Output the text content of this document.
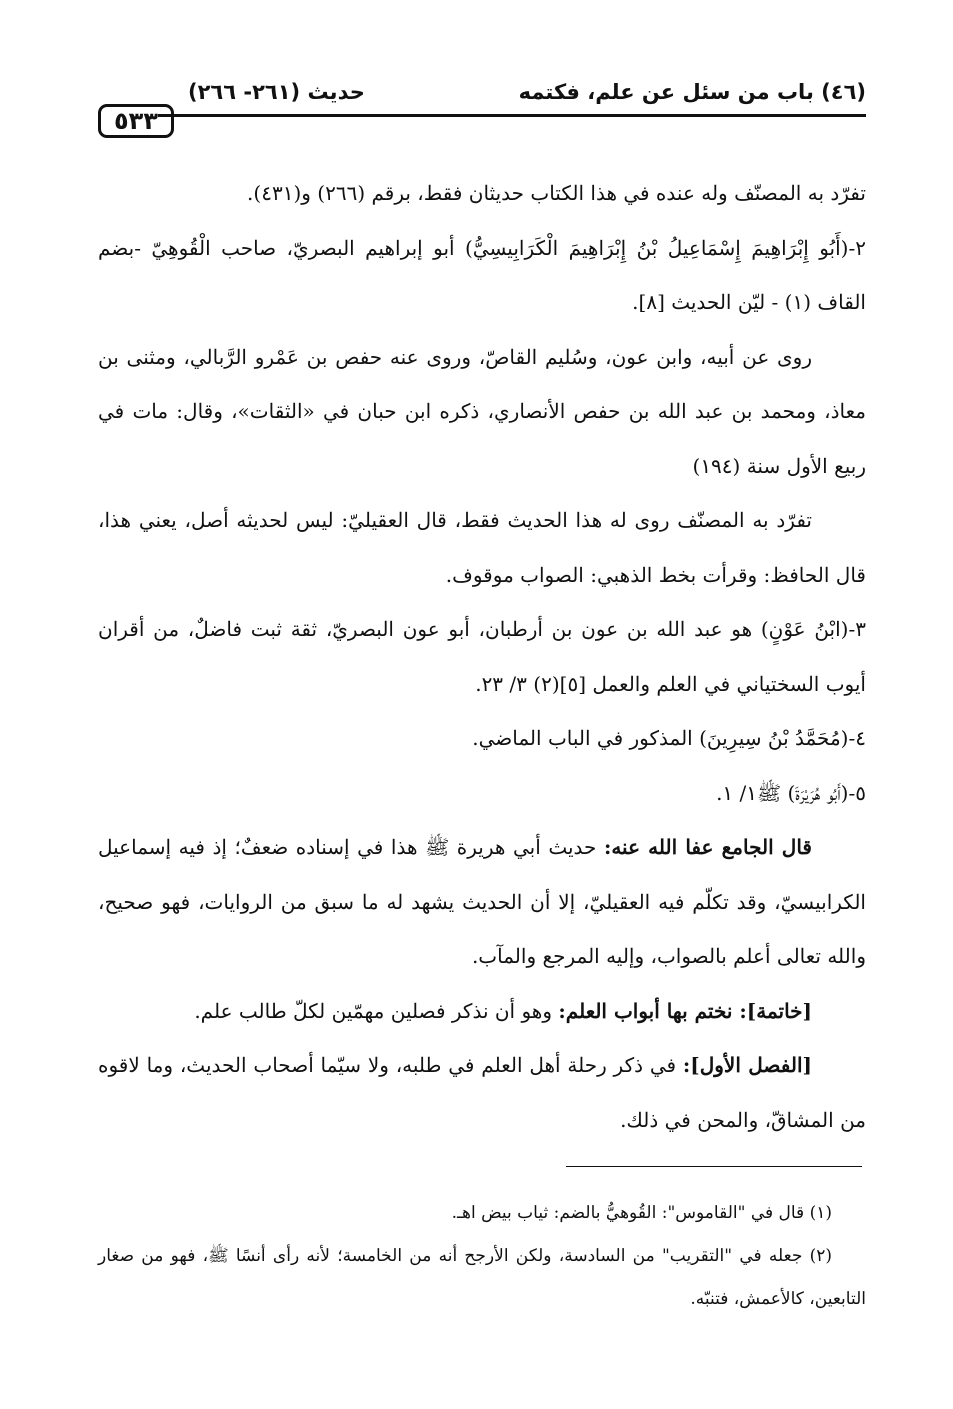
٥٣٣
حديث (٢٦١- ٢٦٦)	(٤٦) باب من سئل عن علم، فكتمه

تفرّد به المصنّف وله عنده في هذا الكتاب حديثان فقط، برقم (٢٦٦) و(٤٣١).

٢-(أَبُو إِبْرَاهِيمَ إِسْمَاعِيلُ بْنُ إِبْرَاهِيمَ الْكَرَابِيسِيُّ) أبو إبراهيم البصريّ، صاحب الْقُوهِيّ -بضم القاف (١) - ليّن الحديث [٨].

روى عن أبيه، وابن عون، وسُليم القاصّ، وروى عنه حفص بن عَمْرو الرَّبالي، ومثنى بن معاذ، ومحمد بن عبد الله بن حفص الأنصاري، ذكره ابن حبان في «الثقات»، وقال: مات في ربيع الأول سنة (١٩٤)

تفرّد به المصنّف روى له هذا الحديث فقط، قال العقيليّ: ليس لحديثه أصل، يعني هذا، قال الحافظ: وقرأت بخط الذهبي: الصواب موقوف.

٣-(ابْنُ عَوْنٍ) هو عبد الله بن عون بن أرطبان، أبو عون البصريّ، ثقة ثبت فاضلٌ، من أقران أيوب السختياني في العلم والعمل [٥](٢) ٣/ ٢٣.

٤-(مُحَمَّدُ بْنُ سِيرِينَ) المذكور في الباب الماضي.

٥-(أَبُو هُرَيْرَةَ) ﷺ١/ ١.

قال الجامع عفا الله عنه: حديث أبي هريرة ﷺ هذا في إسناده ضعفٌ؛ إذ فيه إسماعيل الكرابيسيّ، وقد تكلّم فيه العقيليّ، إلا أن الحديث يشهد له ما سبق من الروايات، فهو صحيح، والله تعالى أعلم بالصواب، وإليه المرجع والمآب.

[خاتمة]: نختم بها أبواب العلم: وهو أن نذكر فصلين مهمّين لكلّ طالب علم.

[الفصل الأول]: في ذكر رحلة أهل العلم في طلبه، ولا سيّما أصحاب الحديث، وما لاقوه من المشاقّ، والمحن في ذلك.

(١) قال في "القاموس": القُوهيُّ بالضم: ثياب بيض اهـ.

(٢) جعله في "التقريب" من السادسة، ولكن الأرجح أنه من الخامسة؛ لأنه رأى أنسًا ﷺ، فهو من صغار التابعين، كالأعمش، فتنبّه.
